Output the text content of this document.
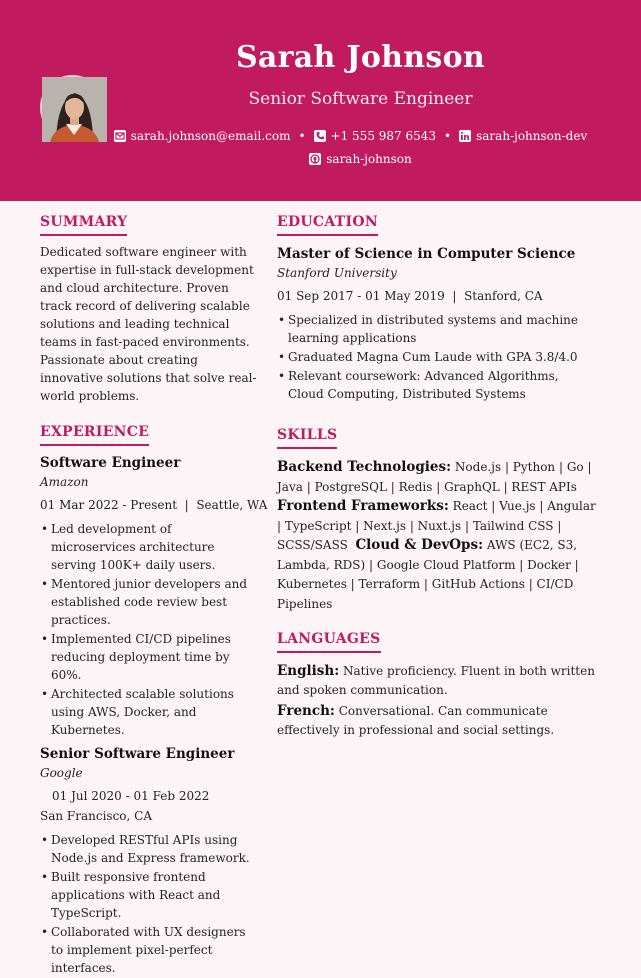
Sarah Johnson
Senior Software Engineer
sarah.johnson@email.com • +1 555 987 6543 • sarah-johnson-dev
sarah-johnson
SUMMARY
Dedicated software engineer with expertise in full-stack development and cloud architecture. Proven track record of delivering scalable solutions and leading technical teams in fast-paced environments. Passionate about creating innovative solutions that solve real-world problems.
EXPERIENCE
Software Engineer
Amazon
01 Mar 2022 - Present  |  Seattle, WA
• Led development of microservices architecture serving 100K+ daily users.
• Mentored junior developers and established code review best practices.
• Implemented CI/CD pipelines reducing deployment time by 60%.
• Architected scalable solutions using AWS, Docker, and Kubernetes.
Senior Software Engineer
Google
01 Jul 2020 - 01 Feb 2022
San Francisco, CA
• Developed RESTful APIs using Node.js and Express framework.
• Built responsive frontend applications with React and TypeScript.
• Collaborated with UX designers to implement pixel-perfect interfaces.
EDUCATION
Master of Science in Computer Science
Stanford University
01 Sep 2017 - 01 May 2019  |  Stanford, CA
• Specialized in distributed systems and machine learning applications
• Graduated Magna Cum Laude with GPA 3.8/4.0
• Relevant coursework: Advanced Algorithms, Cloud Computing, Distributed Systems
SKILLS
Backend Technologies: Node.js | Python | Go | Java | PostgreSQL | Redis | GraphQL | REST APIs  Frontend Frameworks: React | Vue.js | Angular | TypeScript | Next.js | Nuxt.js | Tailwind CSS | SCSS/SASS Cloud & DevOps: AWS (EC2, S3, Lambda, RDS) | Google Cloud Platform | Docker | Kubernetes | Terraform | GitHub Actions | CI/CD Pipelines
LANGUAGES
English: Native proficiency. Fluent in both written and spoken communication.
French: Conversational. Can communicate effectively in professional and social settings.
